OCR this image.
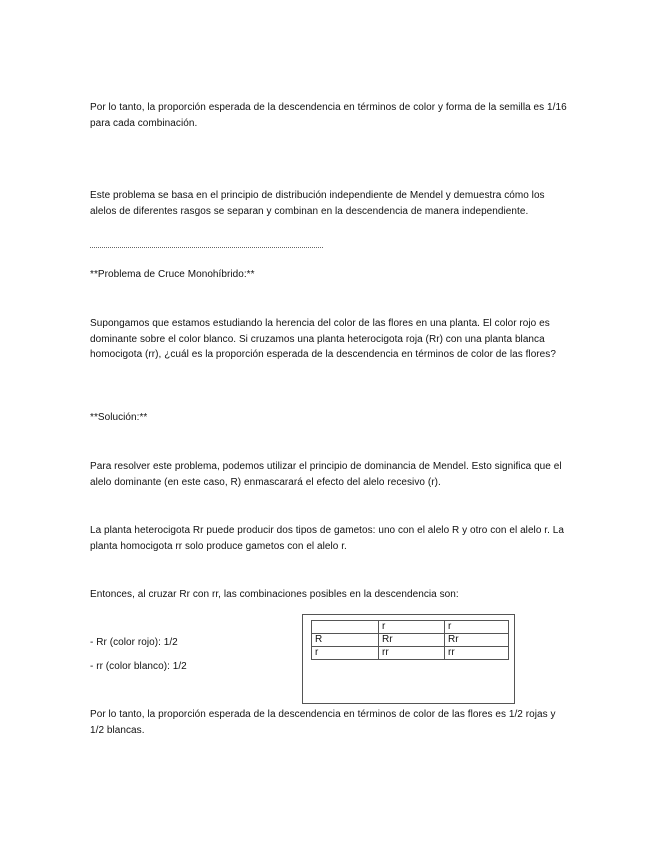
Por lo tanto, la proporción esperada de la descendencia en términos de color y forma de la semilla es 1/16 para cada combinación.
Este problema se basa en el principio de distribución independiente de Mendel y demuestra cómo los alelos de diferentes rasgos se separan y combinan en la descendencia de manera independiente.
**Problema de Cruce Monohíbrido:**
Supongamos que estamos estudiando la herencia del color de las flores en una planta. El color rojo es dominante sobre el color blanco. Si cruzamos una planta heterocigota roja (Rr) con una planta blanca homocigota (rr), ¿cuál es la proporción esperada de la descendencia en términos de color de las flores?
**Solución:**
Para resolver este problema, podemos utilizar el principio de dominancia de Mendel. Esto significa que el alelo dominante (en este caso, R) enmascarará el efecto del alelo recesivo (r).
La planta heterocigota Rr puede producir dos tipos de gametos: uno con el alelo R y otro con el alelo r. La planta homocigota rr solo produce gametos con el alelo r.
Entonces, al cruzar Rr con rr, las combinaciones posibles en la descendencia son:
- Rr (color rojo): 1/2
- rr (color blanco): 1/2
	r	r
R	Rr	Rr
r	rr	rr
Por lo tanto, la proporción esperada de la descendencia en términos de color de las flores es 1/2 rojas y 1/2 blancas.
